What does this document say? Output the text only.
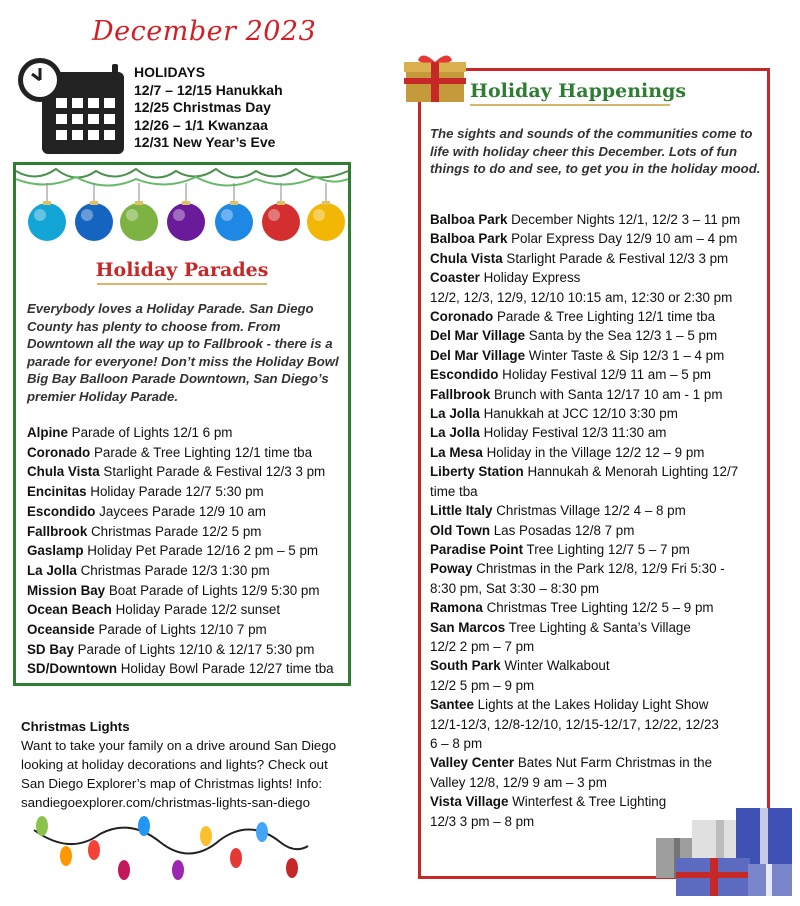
December 2023
HOLIDAYS
12/7 – 12/15 Hanukkah
12/25 Christmas Day
12/26 – 1/1 Kwanzaa
12/31 New Year’s Eve
Holiday Parades
Everybody loves a Holiday Parade. San Diego County has plenty to choose from. From Downtown all the way up to Fallbrook - there is a parade for everyone! Don’t miss the Holiday Bowl Big Bay Balloon Parade Downtown, San Diego’s premier Holiday Parade.
Alpine Parade of Lights 12/1 6 pm
Coronado Parade & Tree Lighting 12/1 time tba
Chula Vista Starlight Parade & Festival 12/3 3 pm
Encinitas Holiday Parade 12/7 5:30 pm
Escondido Jaycees Parade 12/9 10 am
Fallbrook Christmas Parade 12/2 5 pm
Gaslamp Holiday Pet Parade 12/16 2 pm – 5 pm
La Jolla Christmas Parade 12/3 1:30 pm
Mission Bay Boat Parade of Lights 12/9 5:30 pm
Ocean Beach Holiday Parade 12/2 sunset
Oceanside Parade of Lights 12/10 7 pm
SD Bay Parade of Lights 12/10 & 12/17 5:30 pm
SD/Downtown Holiday Bowl Parade 12/27 time tba
Christmas Lights
Want to take your family on a drive around San Diego
looking at holiday decorations and lights? Check out
San Diego Explorer’s map of Christmas lights! Info:
sandiegoexplorer.com/christmas-lights-san-diego
Holiday Happenings
The sights and sounds of the communities come to life with holiday cheer this December. Lots of fun things to do and see, to get you in the holiday mood.
Balboa Park December Nights 12/1, 12/2 3 – 11 pm
Balboa Park Polar Express Day 12/9 10 am – 4 pm
Chula Vista Starlight Parade & Festival 12/3 3 pm
Coaster Holiday Express
12/2, 12/3, 12/9, 12/10 10:15 am, 12:30 or 2:30 pm
Coronado Parade & Tree Lighting 12/1 time tba
Del Mar Village Santa by the Sea 12/3 1 – 5 pm
Del Mar Village Winter Taste & Sip 12/3 1 – 4 pm
Escondido Holiday Festival 12/9 11 am – 5 pm
Fallbrook Brunch with Santa 12/17 10 am - 1 pm
La Jolla Hanukkah at JCC 12/10 3:30 pm
La Jolla Holiday Festival 12/3 11:30 am
La Mesa Holiday in the Village 12/2 12 – 9 pm
Liberty Station Hannukah & Menorah Lighting 12/7
time tba
Little Italy Christmas Village 12/2 4 – 8 pm
Old Town Las Posadas 12/8 7 pm
Paradise Point Tree Lighting 12/7 5 – 7 pm
Poway Christmas in the Park 12/8, 12/9 Fri 5:30 -
8:30 pm, Sat 3:30 – 8:30 pm
Ramona Christmas Tree Lighting 12/2 5 – 9 pm
San Marcos Tree Lighting & Santa’s Village
12/2 2 pm – 7 pm
South Park Winter Walkabout
12/2 5 pm – 9 pm
Santee Lights at the Lakes Holiday Light Show
12/1-12/3, 12/8-12/10, 12/15-12/17, 12/22, 12/23
6 – 8 pm
Valley Center Bates Nut Farm Christmas in the
Valley 12/8, 12/9 9 am – 3 pm
Vista Village Winterfest & Tree Lighting
12/3 3 pm – 8 pm
